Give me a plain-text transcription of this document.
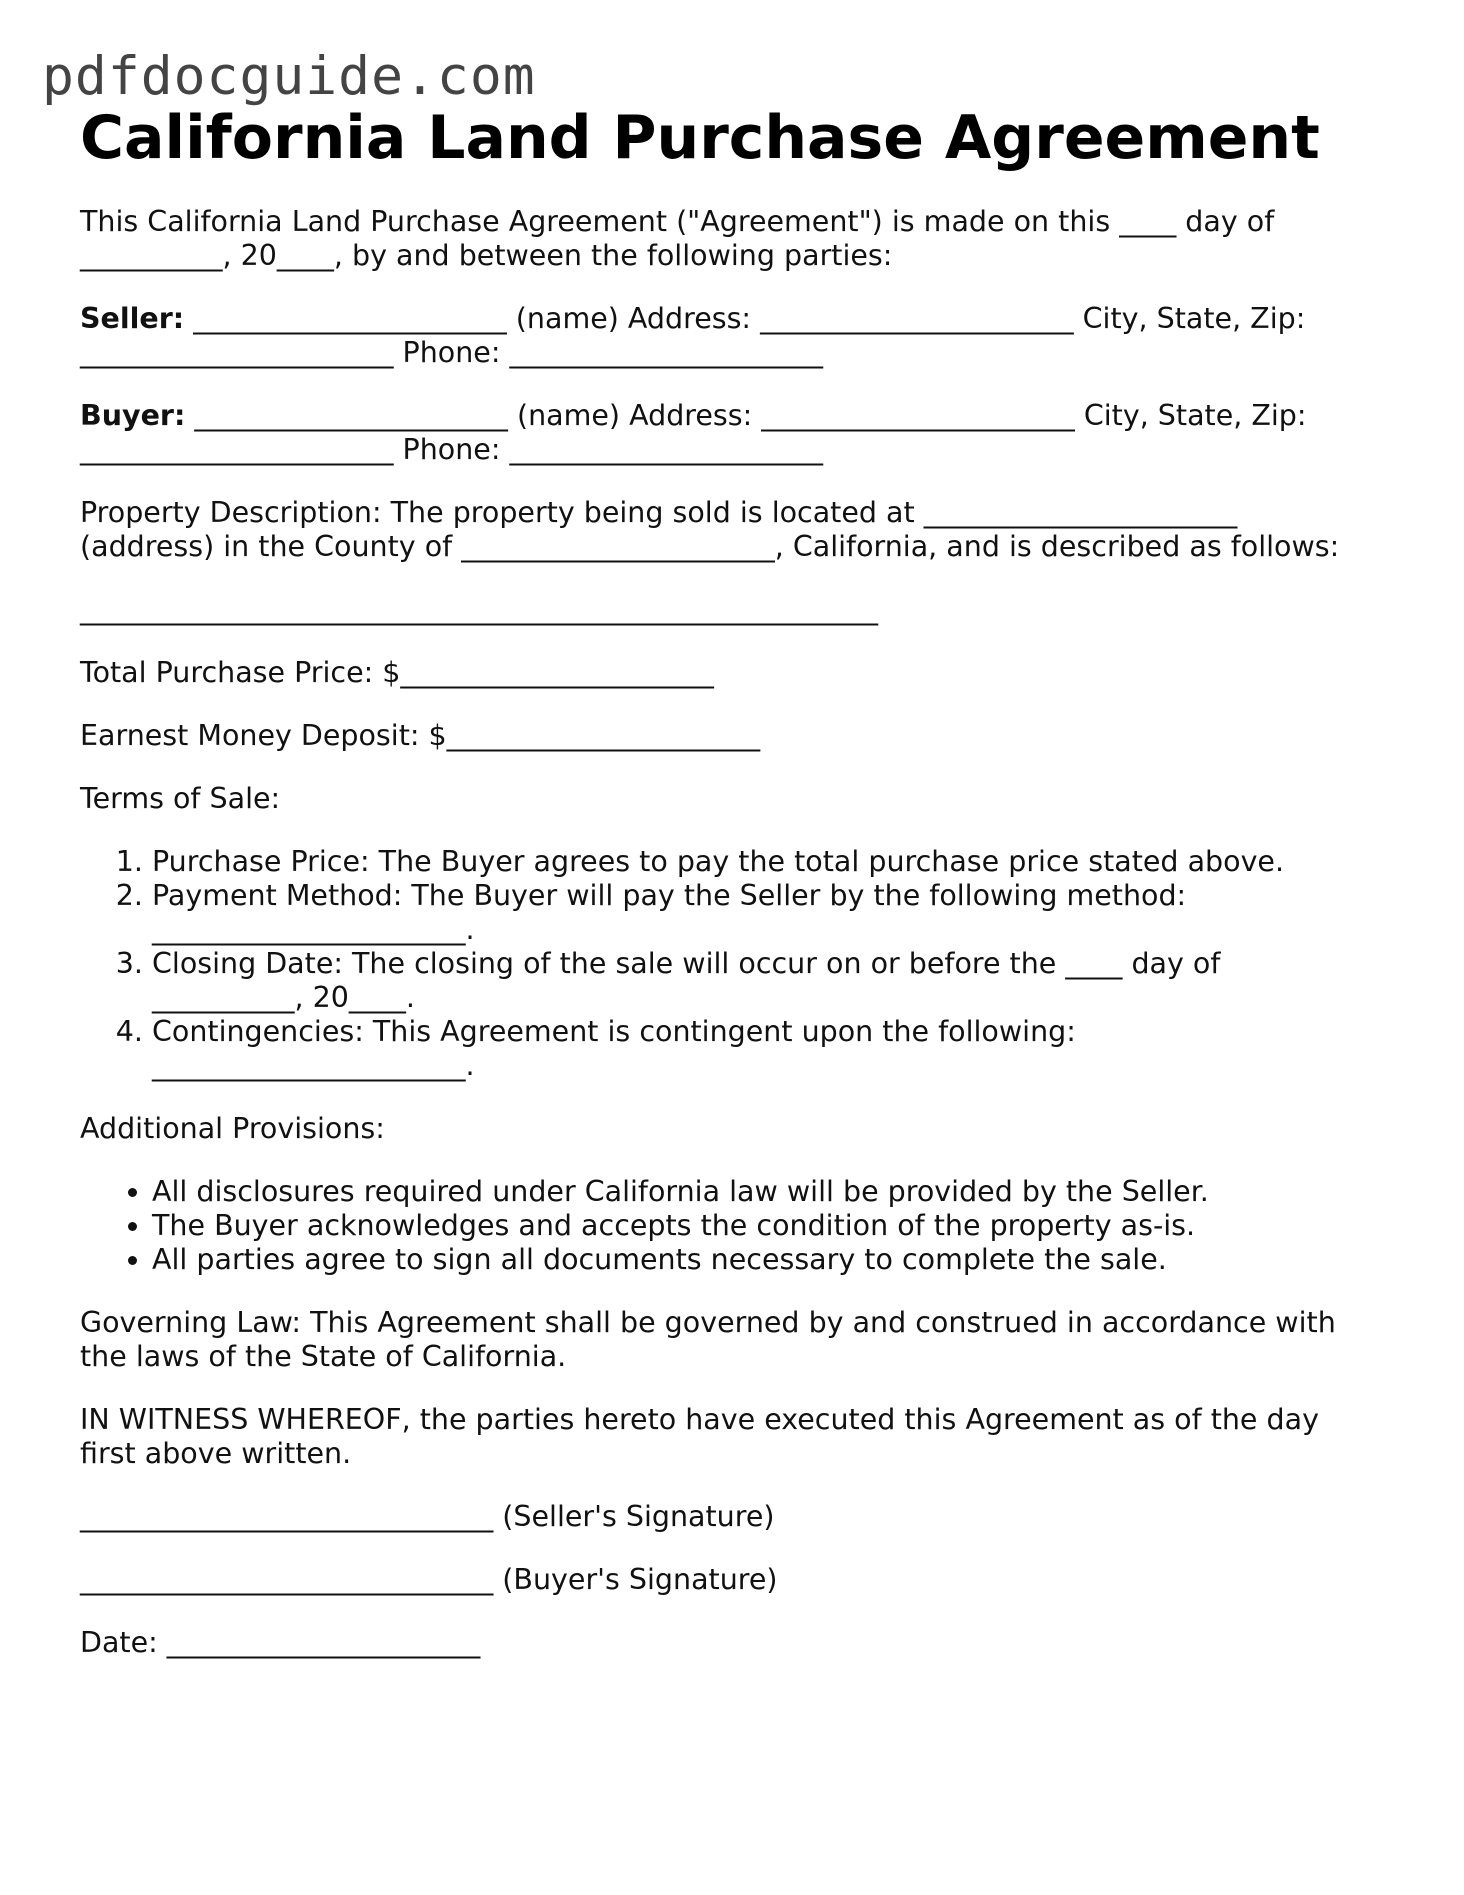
pdfdocguide.com
California Land Purchase Agreement

This California Land Purchase Agreement ("Agreement") is made on this ____ day of __________, 20____, by and between the following parties:

Seller: ______________________ (name) Address: ______________________ City, State, Zip: ______________________ Phone: ______________________

Buyer: ______________________ (name) Address: ______________________ City, State, Zip: ______________________ Phone: ______________________

Property Description: The property being sold is located at ______________________ (address) in the County of ______________________, California, and is described as follows:

________________________________________________________

Total Purchase Price: $______________________

Earnest Money Deposit: $______________________

Terms of Sale:

1. Purchase Price: The Buyer agrees to pay the total purchase price stated above.
2. Payment Method: The Buyer will pay the Seller by the following method: ______________________.
3. Closing Date: The closing of the sale will occur on or before the ____ day of __________, 20____.
4. Contingencies: This Agreement is contingent upon the following: ______________________.

Additional Provisions:

• All disclosures required under California law will be provided by the Seller.
• The Buyer acknowledges and accepts the condition of the property as-is.
• All parties agree to sign all documents necessary to complete the sale.

Governing Law: This Agreement shall be governed by and construed in accordance with the laws of the State of California.

IN WITNESS WHEREOF, the parties hereto have executed this Agreement as of the day first above written.

_____________________________ (Seller's Signature)

_____________________________ (Buyer's Signature)

Date: ______________________
